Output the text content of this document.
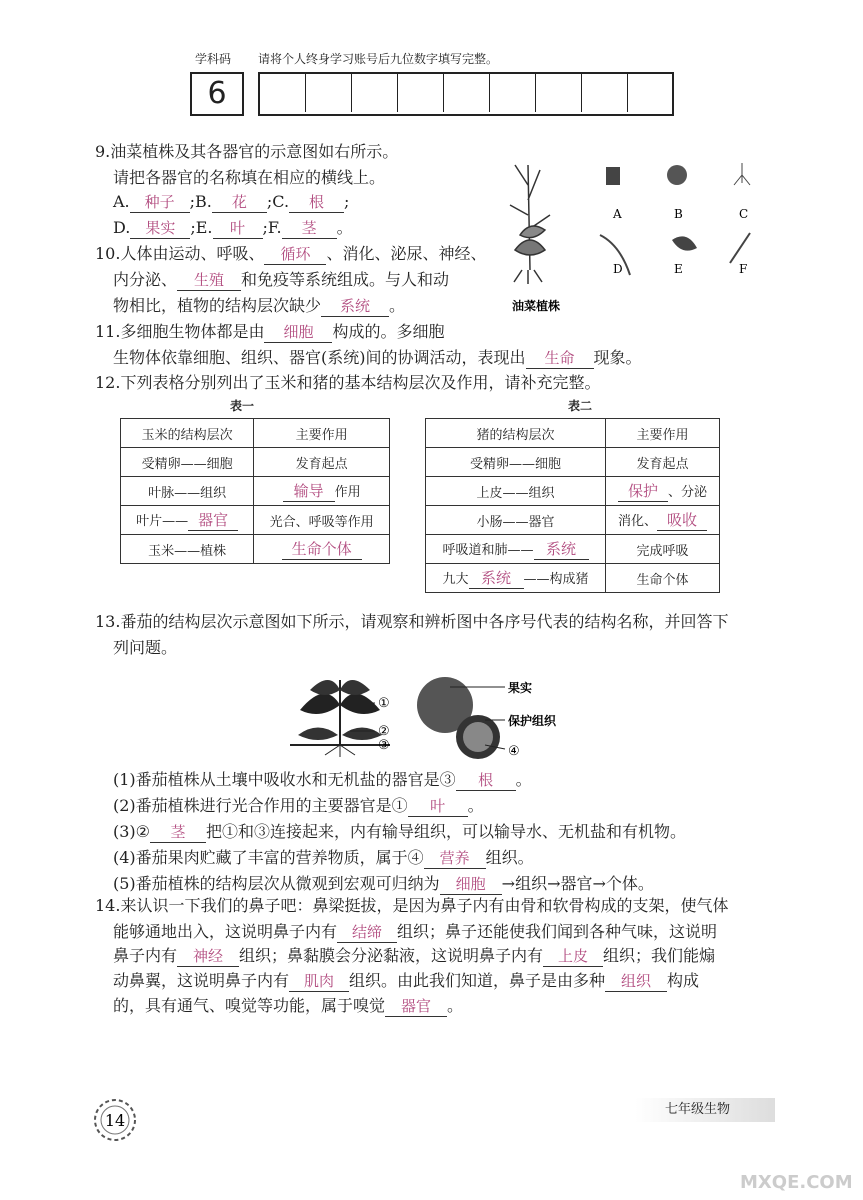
学科码 请将个人终身学习账号后九位数字填写完整。
6
9.油菜植株及其各器官的示意图如右所示。
请把各器官的名称填在相应的横线上。
A. 种子 ;B. 花 ;C. 根 ;
D. 果实 ;E. 叶 ;F. 茎 。
A	B	C
D	E	F
油菜植株
10.人体由运动、呼吸、 循环 、消化、泌尿、神经、
内分泌、 生殖 和免疫等系统组成。与人和动
物相比，植物的结构层次缺少 系统 。
11.多细胞生物体都是由 细胞 构成的。多细胞
生物体依靠细胞、组织、器官(系统)间的协调活动，表现出 生命 现象。
12.下列表格分别列出了玉米和猪的基本结构层次及作用，请补充完整。
表一	表二
玉米的结构层次	主要作用
受精卵——细胞	发育起点
叶脉——组织	输导 作用
叶片—— 器官	光合、呼吸等作用
玉米——植株	生命个体
猪的结构层次	主要作用
受精卵——细胞	发育起点
上皮——组织	保护 、分泌
小肠——器官	消化、 吸收
呼吸道和肺—— 系统	完成呼吸
九大 系统 ——构成猪	生命个体
13.番茄的结构层次示意图如下所示，请观察和辨析图中各序号代表的结构名称，并回答下
列问题。
①
②
③
果实
保护组织
④
(1)番茄植株从土壤中吸收水和无机盐的器官是③ 根 。
(2)番茄植株进行光合作用的主要器官是① 叶 。
(3)② 茎 把①和③连接起来，内有输导组织，可以输导水、无机盐和有机物。
(4)番茄果肉贮藏了丰富的营养物质，属于④ 营养 组织。
(5)番茄植株的结构层次从微观到宏观可归纳为 细胞 →组织→器官→个体。
14.来认识一下我们的鼻子吧：鼻梁挺拔，是因为鼻子内有由骨和软骨构成的支架，使气体
能够通地出入，这说明鼻子内有 结缔 组织；鼻子还能使我们闻到各种气味，这说明
鼻子内有 神经 组织；鼻黏膜会分泌黏液，这说明鼻子内有 上皮 组织；我们能煽
动鼻翼，这说明鼻子内有 肌肉 组织。由此我们知道，鼻子是由多种 组织 构成
的，具有通气、嗅觉等功能，属于嗅觉 器官 。
14
七年级生物
MXQE.COM
